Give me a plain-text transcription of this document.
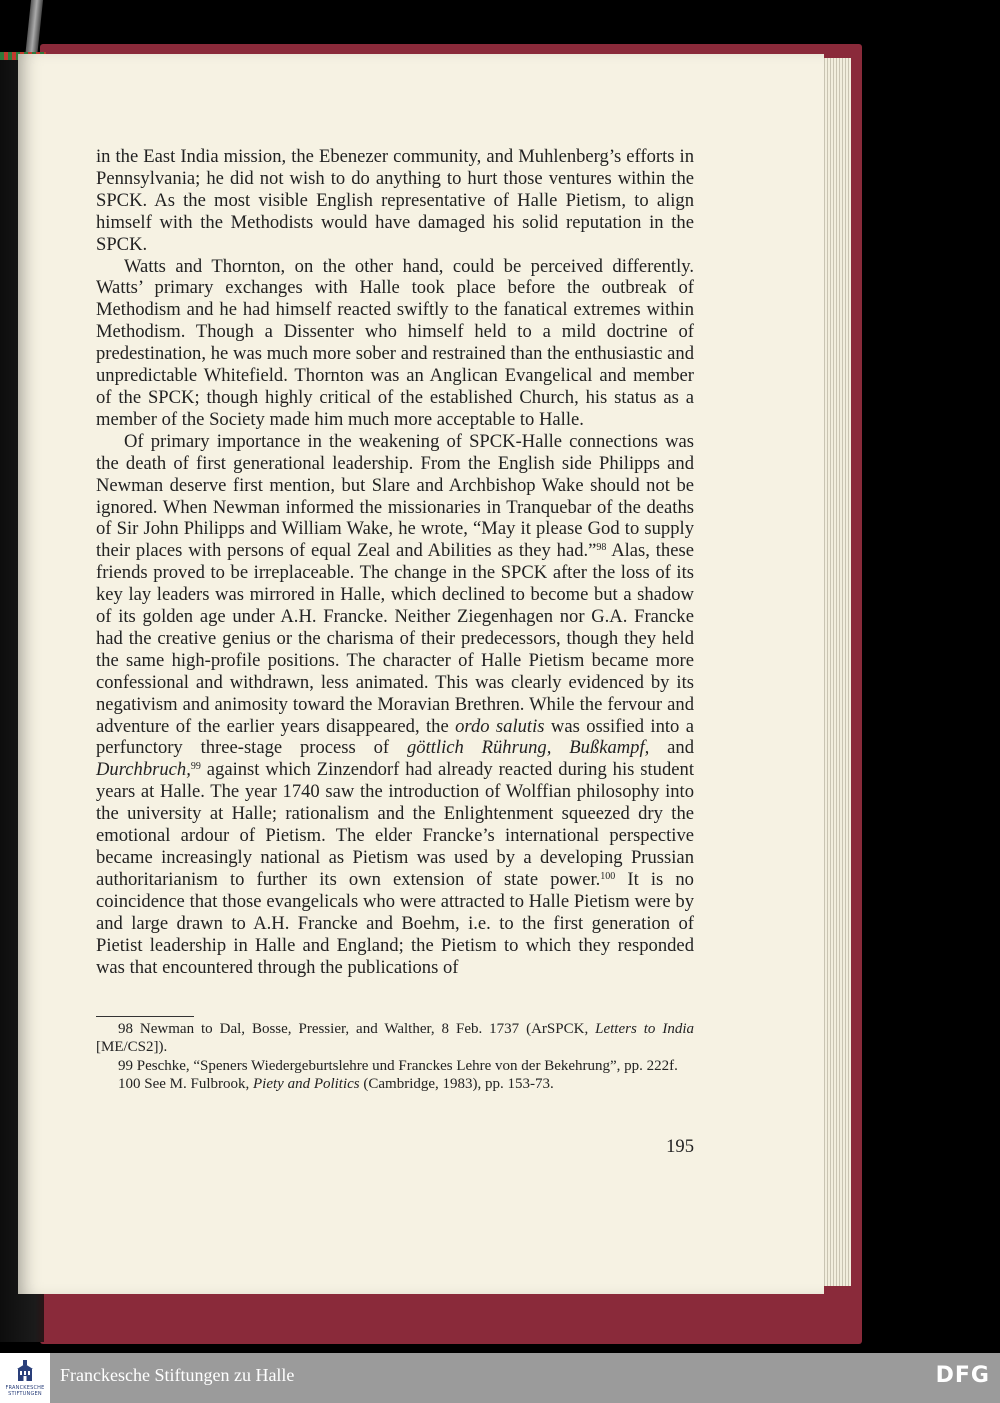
in the East India mission, the Ebenezer community, and Muhlenberg’s efforts in Pennsylvania; he did not wish to do anything to hurt those ventures within the SPCK. As the most visible English representative of Halle Pietism, to align himself with the Methodists would have damaged his solid reputation in the SPCK.

Watts and Thornton, on the other hand, could be perceived differently. Watts’ primary exchanges with Halle took place before the outbreak of Methodism and he had himself reacted swiftly to the fanatical extremes within Methodism. Though a Dissenter who himself held to a mild doctrine of predestination, he was much more sober and restrained than the enthusiastic and unpredictable Whitefield. Thornton was an Anglican Evangelical and member of the SPCK; though highly critical of the established Church, his status as a member of the Society made him much more acceptable to Halle.

Of primary importance in the weakening of SPCK-Halle connections was the death of first generational leadership. From the English side Philipps and Newman deserve first mention, but Slare and Archbishop Wake should not be ignored. When Newman informed the missionaries in Tranquebar of the deaths of Sir John Philipps and William Wake, he wrote, “May it please God to supply their places with persons of equal Zeal and Abilities as they had.”$^{98}$ Alas, these friends proved to be irreplaceable. The change in the SPCK after the loss of its key lay leaders was mirrored in Halle, which declined to become but a shadow of its golden age under A.H. Francke. Neither Ziegenhagen nor G.A. Francke had the creative genius or the charisma of their predecessors, though they held the same high-profile positions. The character of Halle Pietism became more confessional and withdrawn, less animated. This was clearly evidenced by its negativism and animosity toward the Moravian Brethren. While the fervour and adventure of the earlier years disappeared, the ordo salutis was ossified into a perfunctory three-stage process of göttlich Rührung, Bußkampf, and Durchbruch,$^{99}$ against which Zinzendorf had already reacted during his student years at Halle. The year 1740 saw the introduction of Wolffian philosophy into the university at Halle; rationalism and the Enlightenment squeezed dry the emotional ardour of Pietism. The elder Francke’s international perspective became increasingly national as Pietism was used by a developing Prussian authoritarianism to further its own extension of state power.$^{100}$ It is no coincidence that those evangelicals who were attracted to Halle Pietism were by and large drawn to A.H. Francke and Boehm, i.e. to the first generation of Pietist leadership in Halle and England; the Pietism to which they responded was that encountered through the publications of

98 Newman to Dal, Bosse, Pressier, and Walther, 8 Feb. 1737 (ArSPCK, Letters to India [ME/CS2]).

99 Peschke, “Speners Wiedergeburtslehre und Franckes Lehre von der Bekehrung”, pp. 222f.

100 See M. Fulbrook, Piety and Politics (Cambridge, 1983), pp. 153-73.

195
FRANCKESCHE
STIFTUNGEN
Franckesche Stiftungen zu Halle	DFG
